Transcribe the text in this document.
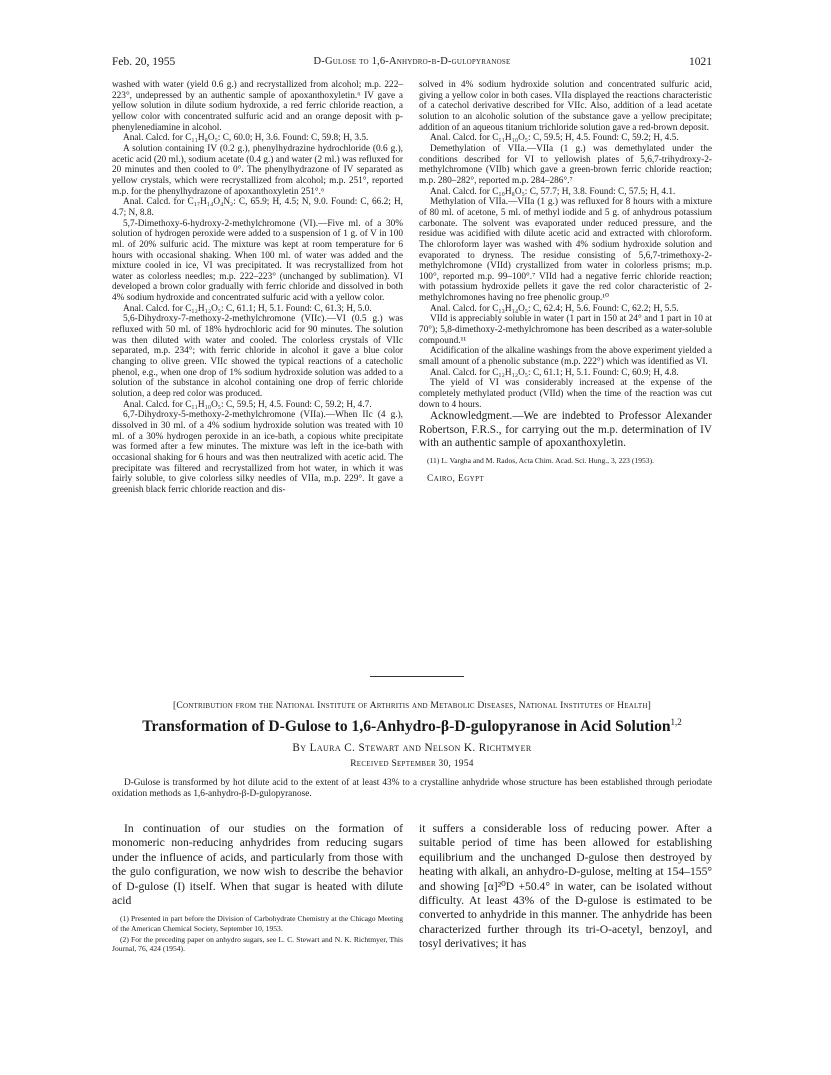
Feb. 20, 1955	D-Gulose to 1,6-Anhydro-β-D-gulopyranose	1021

washed with water (yield 0.6 g.) and recrystallized from alcohol; m.p. 222–223°, undepressed by an authentic sample of apoxanthoxyletin.⁶ IV gave a yellow solution in dilute sodium hydroxide, a red ferric chloride reaction, a yellow color with concentrated sulfuric acid and an orange deposit with p-phenylenediamine in alcohol.

Anal. Calcd. for C₁₁H₈O₅: C, 60.0; H, 3.6. Found: C, 59.8; H, 3.5.

A solution containing IV (0.2 g.), phenylhydrazine hydrochloride (0.6 g.), acetic acid (20 ml.), sodium acetate (0.4 g.) and water (2 ml.) was refluxed for 20 minutes and then cooled to 0°. The phenylhydrazone of IV separated as yellow crystals, which were recrystallized from alcohol; m.p. 251°, reported m.p. for the phenylhydrazone of apoxanthoxyletin 251°.⁶

Anal. Calcd. for C₁₇H₁₄O₄N₂: C, 65.9; H, 4.5; N, 9.0. Found: C, 66.2; H, 4.7; N, 8.8.

5,7-Dimethoxy-6-hydroxy-2-methylchromone (VI).—Five ml. of a 30% solution of hydrogen peroxide were added to a suspension of 1 g. of V in 100 ml. of 20% sulfuric acid. The mixture was kept at room temperature for 6 hours with occasional shaking. When 100 ml. of water was added and the mixture cooled in ice, VI was precipitated. It was recrystallized from hot water as colorless needles; m.p. 222–223° (unchanged by sublimation). VI developed a brown color gradually with ferric chloride and dissolved in both 4% sodium hydroxide and concentrated sulfuric acid with a yellow color.

Anal. Calcd. for C₁₂H₁₂O₅: C, 61.1; H, 5.1. Found: C, 61.3; H, 5.0.

5,6-Dihydroxy-7-methoxy-2-methylchromone (VIIc).—VI (0.5 g.) was refluxed with 50 ml. of 18% hydrochloric acid for 90 minutes. The solution was then diluted with water and cooled. The colorless crystals of VIIc separated, m.p. 234°; with ferric chloride in alcohol it gave a blue color changing to olive green. VIIc showed the typical reactions of a catecholic phenol, e.g., when one drop of 1% sodium hydroxide solution was added to a solution of the substance in alcohol containing one drop of ferric chloride solution, a deep red color was produced.

Anal. Calcd. for C₁₁H₁₀O₅: C, 59.5; H, 4.5. Found: C, 59.2; H, 4.7.

6,7-Dihydroxy-5-methoxy-2-methylchromone (VIIa).—When IIc (4 g.), dissolved in 30 ml. of a 4% sodium hydroxide solution was treated with 10 ml. of a 30% hydrogen peroxide in an ice-bath, a copious white precipitate was formed after a few minutes. The mixture was left in the ice-bath with occasional shaking for 6 hours and was then neutralized with acetic acid. The precipitate was filtered and recrystallized from hot water, in which it was fairly soluble, to give colorless silky needles of VIIa, m.p. 229°. It gave a greenish black ferric chloride reaction and dis-

solved in 4% sodium hydroxide solution and concentrated sulfuric acid, giving a yellow color in both cases. VIIa displayed the reactions characteristic of a catechol derivative described for VIIc. Also, addition of a lead acetate solution to an alcoholic solution of the substance gave a yellow precipitate; addition of an aqueous titanium trichloride solution gave a red-brown deposit.

Anal. Calcd. for C₁₁H₁₀O₅: C, 59.5; H, 4.5. Found: C, 59.2; H, 4.5.

Demethylation of VIIa.—VIIa (1 g.) was demethylated under the conditions described for VI to yellowish plates of 5,6,7-trihydroxy-2-methylchromone (VIIb) which gave a green-brown ferric chloride reaction; m.p. 280–282°, reported m.p. 284–286°.⁷

Anal. Calcd. for C₁₀H₈O₅: C, 57.7; H, 3.8. Found: C, 57.5; H, 4.1.

Methylation of VIIa.—VIIa (1 g.) was refluxed for 8 hours with a mixture of 80 ml. of acetone, 5 ml. of methyl iodide and 5 g. of anhydrous potassium carbonate. The solvent was evaporated under reduced pressure, and the residue was acidified with dilute acetic acid and extracted with chloroform. The chloroform layer was washed with 4% sodium hydroxide solution and evaporated to dryness. The residue consisting of 5,6,7-trimethoxy-2-methylchromone (VIId) crystallized from water in colorless prisms; m.p. 100°, reported m.p. 99–100°.⁷ VIId had a negative ferric chloride reaction; with potassium hydroxide pellets it gave the red color characteristic of 2-methylchromones having no free phenolic group.¹⁰

Anal. Calcd. for C₁₃H₁₄O₅: C, 62.4; H, 5.6. Found: C, 62.2; H, 5.5.

VIId is appreciably soluble in water (1 part in 150 at 24° and 1 part in 10 at 70°); 5,8-dimethoxy-2-methylchromone has been described as a water-soluble compound.¹¹

Acidification of the alkaline washings from the above experiment yielded a small amount of a phenolic substance (m.p. 222°) which was identified as VI.

Anal. Calcd. for C₁₂H₁₂O₅: C, 61.1; H, 5.1. Found: C, 60.9; H, 4.8.

The yield of VI was considerably increased at the expense of the completely methylated product (VIId) when the time of the reaction was cut down to 4 hours.

Acknowledgment.—We are indebted to Professor Alexander Robertson, F.R.S., for carrying out the m.p. determination of IV with an authentic sample of apoxanthoxyletin.

(11) L. Vargha and M. Rados, Acta Chim. Acad. Sci. Hung., 3, 223 (1953).

Cairo, Egypt

[Contribution from the National Institute of Arthritis and Metabolic Diseases, National Institutes of Health]
Transformation of D-Gulose to 1,6-Anhydro-β-D-gulopyranose in Acid Solution$^{1,2}$
By Laura C. Stewart and Nelson K. Richtmyer
Received September 30, 1954
D-Gulose is transformed by hot dilute acid to the extent of at least 43% to a crystalline anhydride whose structure has been established through periodate oxidation methods as 1,6-anhydro-β-D-gulopyranose.

In continuation of our studies on the formation of monomeric non-reducing anhydrides from reducing sugars under the influence of acids, and particularly from those with the gulo configuration, we now wish to describe the behavior of D-gulose (I) itself. When that sugar is heated with dilute acid

(1) Presented in part before the Division of Carbohydrate Chemistry at the Chicago Meeting of the American Chemical Society, September 10, 1953.

(2) For the preceding paper on anhydro sugars, see L. C. Stewart and N. K. Richtmyer, This Journal, 76, 424 (1954).

it suffers a considerable loss of reducing power. After a suitable period of time has been allowed for establishing equilibrium and the unchanged D-gulose then destroyed by heating with alkali, an anhydro-D-gulose, melting at 154–155° and showing [α]²⁰D +50.4° in water, can be isolated without difficulty. At least 43% of the D-gulose is estimated to be converted to anhydride in this manner. The anhydride has been characterized further through its tri-O-acetyl, benzoyl, and tosyl derivatives; it has
